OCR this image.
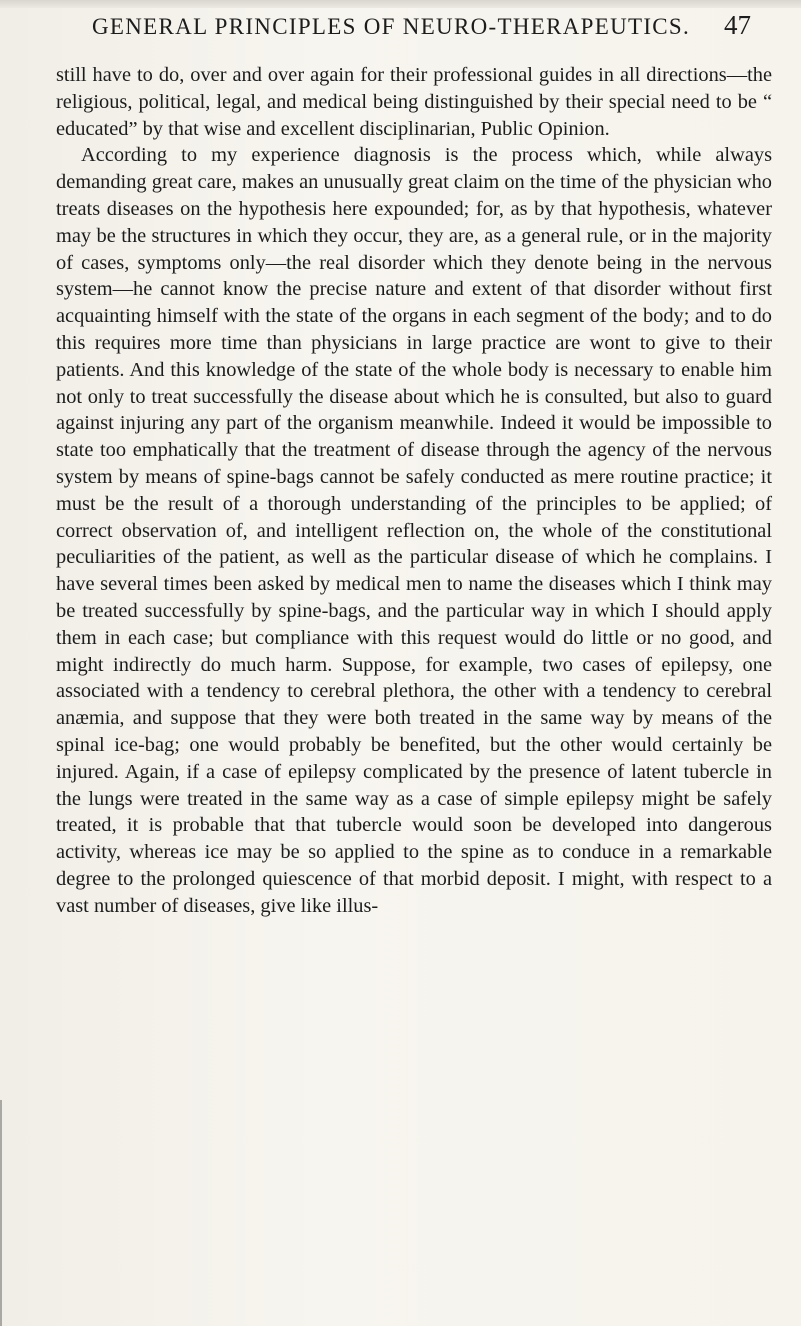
GENERAL PRINCIPLES OF NEURO-THERAPEUTICS. 47

still have to do, over and over again for their professional guides in all directions—the religious, political, legal, and medical being distinguished by their special need to be “ educated” by that wise and excellent disciplinarian, Public Opinion.

According to my experience diagnosis is the process which, while always demanding great care, makes an unusually great claim on the time of the physician who treats diseases on the hypothesis here expounded; for, as by that hypothesis, whatever may be the structures in which they occur, they are, as a general rule, or in the majority of cases, symptoms only—the real disorder which they denote being in the nervous system—he cannot know the precise nature and extent of that disorder without first acquainting himself with the state of the organs in each segment of the body; and to do this requires more time than physicians in large practice are wont to give to their patients. And this knowledge of the state of the whole body is necessary to enable him not only to treat successfully the disease about which he is consulted, but also to guard against injuring any part of the organism meanwhile. Indeed it would be impossible to state too emphatically that the treatment of disease through the agency of the nervous system by means of spine-bags cannot be safely conducted as mere routine practice; it must be the result of a thorough understanding of the principles to be applied; of correct observation of, and intelligent reflection on, the whole of the constitutional peculiarities of the patient, as well as the particular disease of which he complains. I have several times been asked by medical men to name the diseases which I think may be treated successfully by spine-bags, and the particular way in which I should apply them in each case; but compliance with this request would do little or no good, and might indirectly do much harm. Suppose, for example, two cases of epilepsy, one associated with a tendency to cerebral plethora, the other with a tendency to cerebral anæmia, and suppose that they were both treated in the same way by means of the spinal ice-bag; one would probably be benefited, but the other would certainly be injured. Again, if a case of epilepsy complicated by the presence of latent tubercle in the lungs were treated in the same way as a case of simple epilepsy might be safely treated, it is probable that that tubercle would soon be developed into dangerous activity, whereas ice may be so applied to the spine as to conduce in a remarkable degree to the prolonged quiescence of that morbid deposit. I might, with respect to a vast number of diseases, give like illus-
